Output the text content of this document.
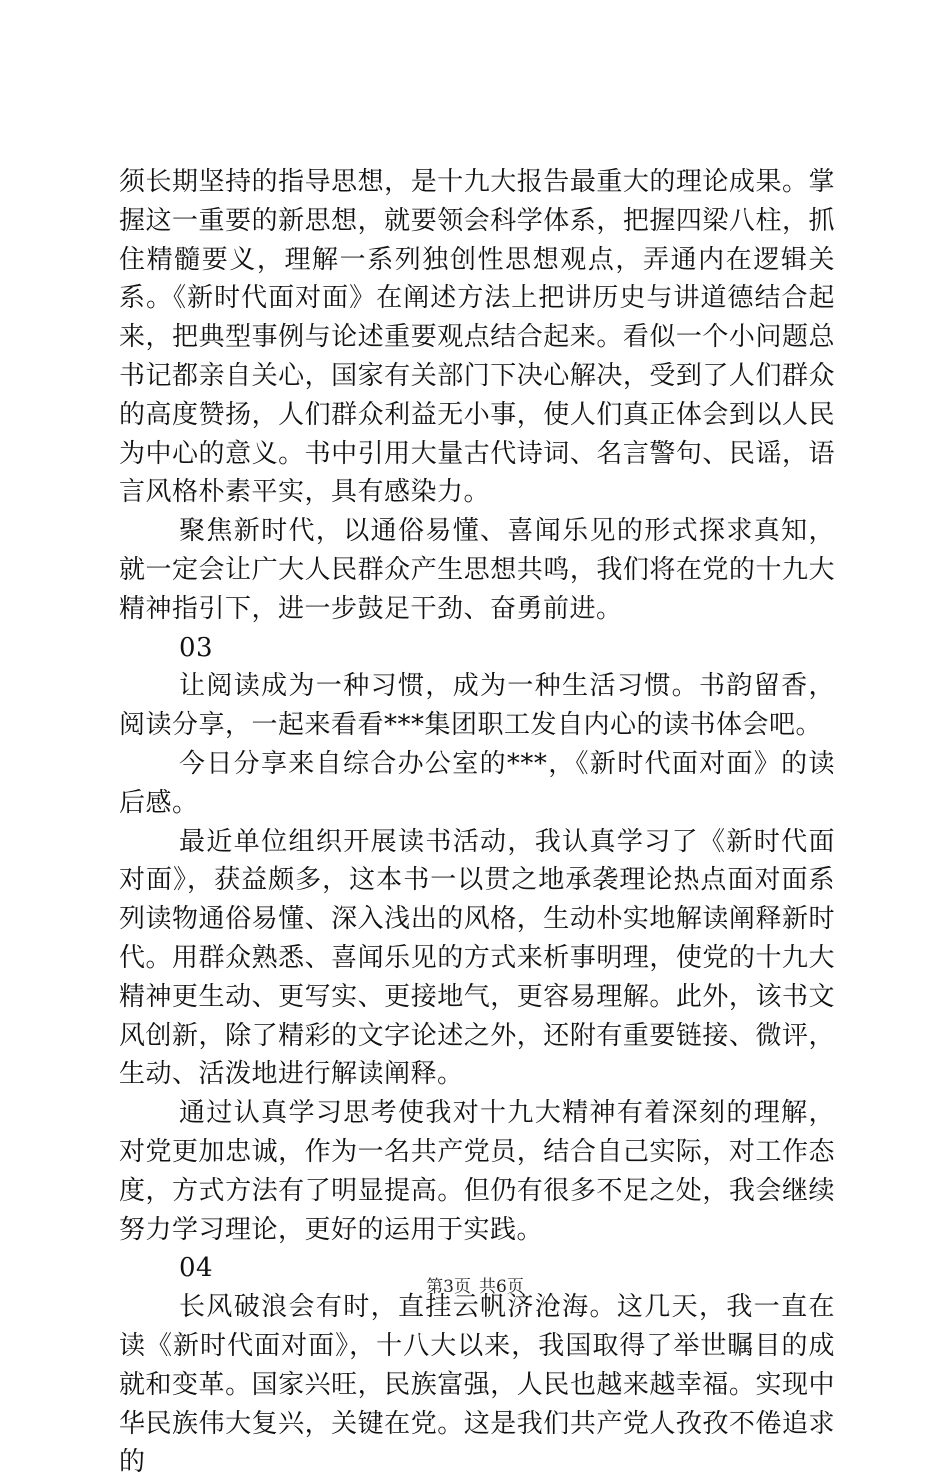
须长期坚持的指导思想，是十九大报告最重大的理论成果。掌握这一重要的新思想，就要领会科学体系，把握四梁八柱，抓住精髓要义，理解一系列独创性思想观点，弄通内在逻辑关系。《新时代面对面》在阐述方法上把讲历史与讲道德结合起来，把典型事例与论述重要观点结合起来。看似一个小问题总书记都亲自关心，国家有关部门下决心解决，受到了人们群众的高度赞扬，人们群众利益无小事，使人们真正体会到以人民为中心的意义。书中引用大量古代诗词、名言警句、民谣，语言风格朴素平实，具有感染力。

聚焦新时代，以通俗易懂、喜闻乐见的形式探求真知，就一定会让广大人民群众产生思想共鸣，我们将在党的十九大精神指引下，进一步鼓足干劲、奋勇前进。

03

让阅读成为一种习惯，成为一种生活习惯。书韵留香，阅读分享，一起来看看***集团职工发自内心的读书体会吧。

今日分享来自综合办公室的***，《新时代面对面》的读后感。

最近单位组织开展读书活动，我认真学习了《新时代面对面》，获益颇多，这本书一以贯之地承袭理论热点面对面系列读物通俗易懂、深入浅出的风格，生动朴实地解读阐释新时代。用群众熟悉、喜闻乐见的方式来析事明理，使党的十九大精神更生动、更写实、更接地气，更容易理解。此外，该书文风创新，除了精彩的文字论述之外，还附有重要链接、微评，生动、活泼地进行解读阐释。

通过认真学习思考使我对十九大精神有着深刻的理解，对党更加忠诚，作为一名共产党员，结合自己实际，对工作态度，方式方法有了明显提高。但仍有很多不足之处，我会继续努力学习理论，更好的运用于实践。

04

长风破浪会有时，直挂云帆济沧海。这几天，我一直在读《新时代面对面》，十八大以来，我国取得了举世瞩目的成就和变革。国家兴旺，民族富强，人民也越来越幸福。实现中华民族伟大复兴，关键在党。这是我们共产党人孜孜不倦追求的

第3页 共6页
